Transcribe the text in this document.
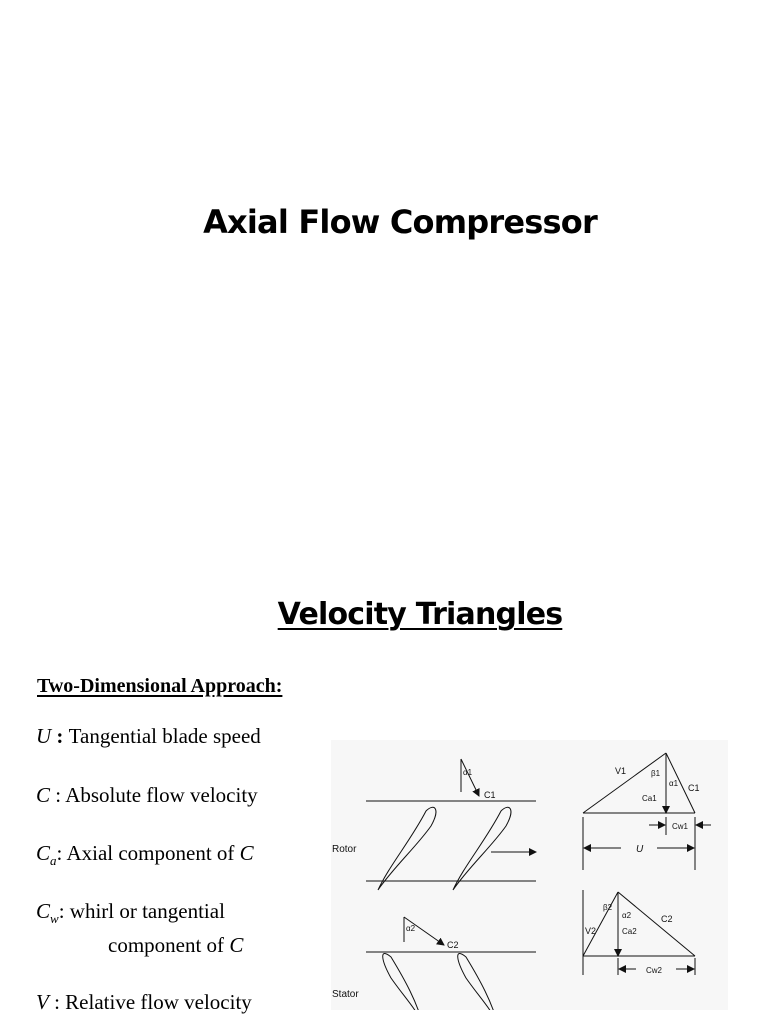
Axial Flow Compressor
Velocity Triangles
Two-Dimensional Approach:
U : Tangential blade speed
C : Absolute flow velocity
$C_a$: Axial component of C
$C_w$: whirl or tangential
component of C
V : Relative flow velocity
Rotor
Stator
α1
C1
α2
C2
V1	β1
α1 C1
Ca1
Cw1
U
V2
β2
α2	C2
Ca2
Cw2
